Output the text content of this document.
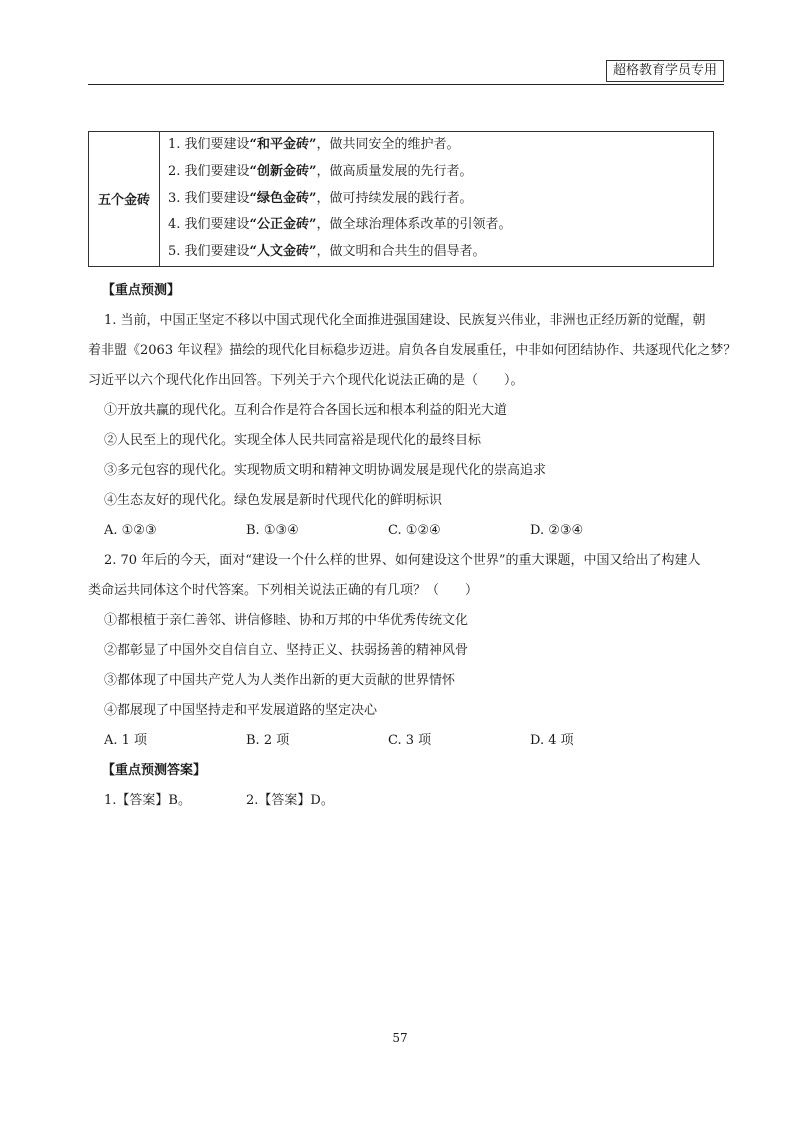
超格教育学员专用
五个金砖	
1. 我们要建设“和平金砖”，做共同安全的维护者。
2. 我们要建设“创新金砖”，做高质量发展的先行者。
3. 我们要建设“绿色金砖”，做可持续发展的践行者。
4. 我们要建设“公正金砖”，做全球治理体系改革的引领者。
5. 我们要建设“人文金砖”，做文明和合共生的倡导者。
【重点预测】
1. 当前，中国正坚定不移以中国式现代化全面推进强国建设、民族复兴伟业，非洲也正经历新的觉醒，朝
着非盟《2063 年议程》描绘的现代化目标稳步迈进。肩负各自发展重任，中非如何团结协作、共逐现代化之梦？
习近平以六个现代化作出回答。下列关于六个现代化说法正确的是（　　）。
①开放共赢的现代化。互利合作是符合各国长远和根本利益的阳光大道
②人民至上的现代化。实现全体人民共同富裕是现代化的最终目标
③多元包容的现代化。实现物质文明和精神文明协调发展是现代化的崇高追求
④生态友好的现代化。绿色发展是新时代现代化的鲜明标识
A. ①②③	B. ①③④	C. ①②④	D. ②③④
2. 70 年后的今天，面对“建设一个什么样的世界、如何建设这个世界”的重大课题，中国又给出了构建人
类命运共同体这个时代答案。下列相关说法正确的有几项？（　　）
①都根植于亲仁善邻、讲信修睦、协和万邦的中华优秀传统文化
②都彰显了中国外交自信自立、坚持正义、扶弱扬善的精神风骨
③都体现了中国共产党人为人类作出新的更大贡献的世界情怀
④都展现了中国坚持走和平发展道路的坚定决心
A. 1 项	B. 2 项	C. 3 项	D. 4 项
【重点预测答案】
1.【答案】B。	2.【答案】D。
57
